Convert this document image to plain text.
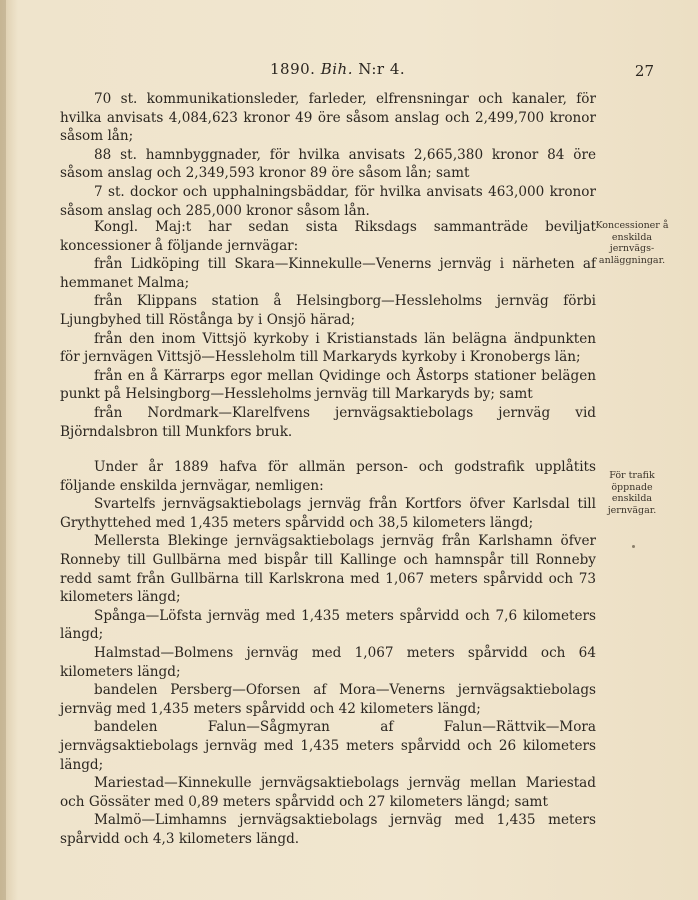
1890. Bih. N:r 4.	27

70 st. kommunikationsleder, farleder, elfrensningar och kanaler, för hvilka anvisats 4,084,623 kronor 49 öre såsom anslag och 2,499,700 kronor såsom lån;

88 st. hamnbyggnader, för hvilka anvisats 2,665,380 kronor 84 öre såsom anslag och 2,349,593 kronor 89 öre såsom lån; samt

7 st. dockor och upphalningsbäddar, för hvilka anvisats 463,000 kronor såsom anslag och 285,000 kronor såsom lån.

Koncessioner å enskilda jernvägs-anläggningar.

Kongl. Maj:t har sedan sista Riksdags sammanträde beviljat koncessioner å följande jernvägar:

från Lidköping till Skara—Kinnekulle—Venerns jernväg i närheten af hemmanet Malma;

från Klippans station å Helsingborg—Hessleholms jernväg förbi Ljungbyhed till Röstånga by i Onsjö härad;

från den inom Vittsjö kyrkoby i Kristianstads län belägna ändpunkten för jernvägen Vittsjö—Hessleholm till Markaryds kyrkoby i Kronobergs län;

från en å Kärrarps egor mellan Qvidinge och Åstorps stationer belägen punkt på Helsingborg—Hessleholms jernväg till Markaryds by; samt

från Nordmark—Klarelfvens jernvägsaktiebolags jernväg vid Björndalsbron till Munkfors bruk.

För trafik öppnade enskilda jernvägar.

Under år 1889 hafva för allmän person- och godstrafik upplåtits följande enskilda jernvägar, nemligen:

Svartelfs jernvägsaktiebolags jernväg från Kortfors öfver Karlsdal till Grythyttehed med 1,435 meters spårvidd och 38,5 kilometers längd;

Mellersta Blekinge jernvägsaktiebolags jernväg från Karlshamn öfver Ronneby till Gullbärna med bispår till Kallinge och hamnspår till Ronneby redd samt från Gullbärna till Karlskrona med 1,067 meters spårvidd och 73 kilometers längd;

Spånga—Löfsta jernväg med 1,435 meters spårvidd och 7,6 kilometers längd;

Halmstad—Bolmens jernväg med 1,067 meters spårvidd och 64 kilometers längd;

bandelen Persberg—Oforsen af Mora—Venerns jernvägsaktiebolags jernväg med 1,435 meters spårvidd och 42 kilometers längd;

bandelen Falun—Sågmyran af Falun—Rättvik—Mora jernvägsaktiebolags jernväg med 1,435 meters spårvidd och 26 kilometers längd;

Mariestad—Kinnekulle jernvägsaktiebolags jernväg mellan Mariestad och Gössäter med 0,89 meters spårvidd och 27 kilometers längd; samt

Malmö—Limhamns jernvägsaktiebolags jernväg med 1,435 meters spårvidd och 4,3 kilometers längd.
